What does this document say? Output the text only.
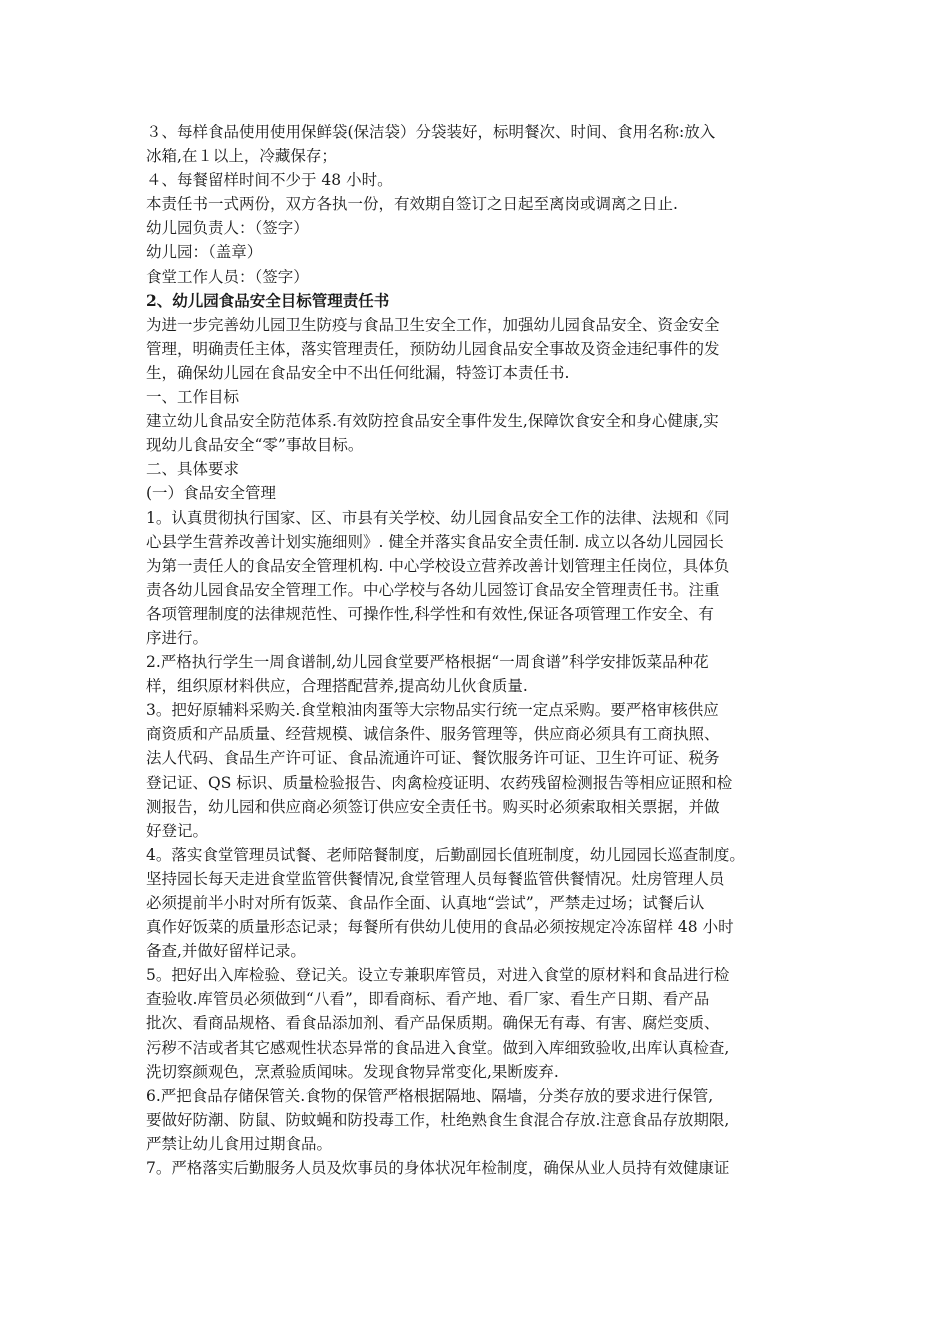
３、每样食品使用使用保鲜袋(保洁袋）分袋装好，标明餐次、时间、食用名称:放入
冰箱,在１以上，冷藏保存；
４、每餐留样时间不少于 48 小时。
本责任书一式两份，双方各执一份，有效期自签订之日起至离岗或调离之日止.
幼儿园负责人：（签字）
幼儿园：（盖章）
食堂工作人员：（签字）
2、幼儿园食品安全目标管理责任书
为进一步完善幼儿园卫生防疫与食品卫生安全工作，加强幼儿园食品安全、资金安全
管理，明确责任主体，落实管理责任，预防幼儿园食品安全事故及资金违纪事件的发
生，确保幼儿园在食品安全中不出任何纰漏，特签订本责任书.
一、工作目标
建立幼儿食品安全防范体系.有效防控食品安全事件发生,保障饮食安全和身心健康,实
现幼儿食品安全“零”事故目标。
二、具体要求
(一）食品安全管理
1。认真贯彻执行国家、区、市县有关学校、幼儿园食品安全工作的法律、法规和《同
心县学生营养改善计划实施细则》. 健全并落实食品安全责任制. 成立以各幼儿园园长
为第一责任人的食品安全管理机构. 中心学校设立营养改善计划管理主任岗位，具体负
责各幼儿园食品安全管理工作。中心学校与各幼儿园签订食品安全管理责任书。注重
各项管理制度的法律规范性、可操作性,科学性和有效性,保证各项管理工作安全、有
序进行。
2.严格执行学生一周食谱制,幼儿园食堂要严格根据“一周食谱”科学安排饭菜品种花
样，组织原材料供应，合理搭配营养,提高幼儿伙食质量.
3。把好原辅料采购关.食堂粮油肉蛋等大宗物品实行统一定点采购。要严格审核供应
商资质和产品质量、经营规模、诚信条件、服务管理等，供应商必须具有工商执照、
法人代码、食品生产许可证、食品流通许可证、餐饮服务许可证、卫生许可证、税务
登记证、QS 标识、质量检验报告、肉禽检疫证明、农药残留检测报告等相应证照和检
测报告，幼儿园和供应商必须签订供应安全责任书。购买时必须索取相关票据，并做
好登记。
4。落实食堂管理员试餐、老师陪餐制度，后勤副园长值班制度，幼儿园园长巡查制度。
坚持园长每天走进食堂监管供餐情况,食堂管理人员每餐监管供餐情况。灶房管理人员
必须提前半小时对所有饭菜、食品作全面、认真地“尝试”，严禁走过场；试餐后认
真作好饭菜的质量形态记录；每餐所有供幼儿使用的食品必须按规定冷冻留样 48 小时
备查,并做好留样记录。
5。把好出入库检验、登记关。设立专兼职库管员，对进入食堂的原材料和食品进行检
查验收.库管员必须做到“八看”，即看商标、看产地、看厂家、看生产日期、看产品
批次、看商品规格、看食品添加剂、看产品保质期。确保无有毒、有害、腐烂变质、
污秽不洁或者其它感观性状态异常的食品进入食堂。做到入库细致验收,出库认真检查,
洗切察颜观色，烹煮验质闻味。发现食物异常变化,果断废弃.
6.严把食品存储保管关.食物的保管严格根据隔地、隔墙，分类存放的要求进行保管,
要做好防潮、防鼠、防蚊蝇和防投毒工作，杜绝熟食生食混合存放.注意食品存放期限,
严禁让幼儿食用过期食品。
7。严格落实后勤服务人员及炊事员的身体状况年检制度，确保从业人员持有效健康证
